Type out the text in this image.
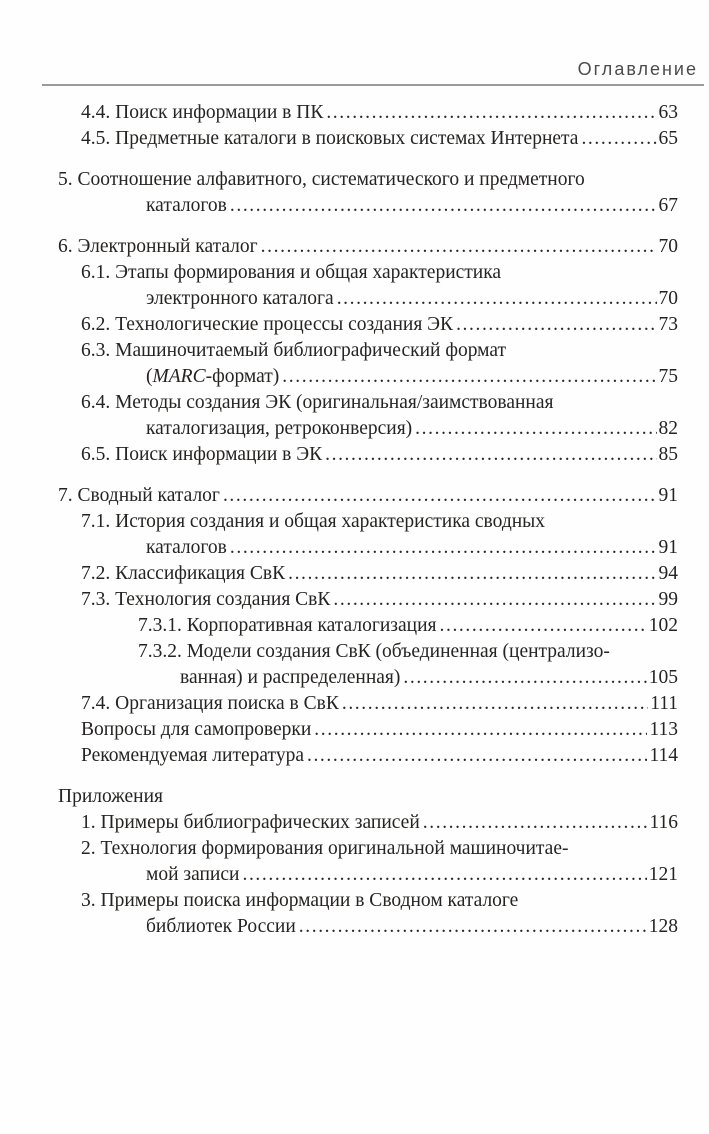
Оглавление
4.4. Поиск информации в ПК .....	63
4.5. Предметные каталоги в поисковых системах Интернета .....	65
5. Соотношение алфавитного, систематического и предметного
каталогов .....	67
6. Электронный каталог .....	70
6.1. Этапы формирования и общая характеристика
электронного каталога .....	70
6.2. Технологические процессы создания ЭК .....	73
6.3. Машиночитаемый библиографический формат
(MARC-формат) .....	75
6.4. Методы создания ЭК (оригинальная/заимствованная
каталогизация, ретроконверсия) .....	82
6.5. Поиск информации в ЭК .....	85
7. Сводный каталог .....	91
7.1. История создания и общая характеристика сводных
каталогов .....	91
7.2. Классификация СвК .....	94
7.3. Технология создания СвК .....	99
7.3.1. Корпоративная каталогизация .....	102
7.3.2. Модели создания СвК (объединенная (централизо-
ванная) и распределенная) .....	105
7.4. Организация поиска в СвК .....	111
Вопросы для самопроверки .....	113
Рекомендуемая литература .....	114
Приложения
1. Примеры библиографических записей .....	116
2. Технология формирования оригинальной машиночитае-
мой записи .....	121
3. Примеры поиска информации в Сводном каталоге
библиотек России .....	128
